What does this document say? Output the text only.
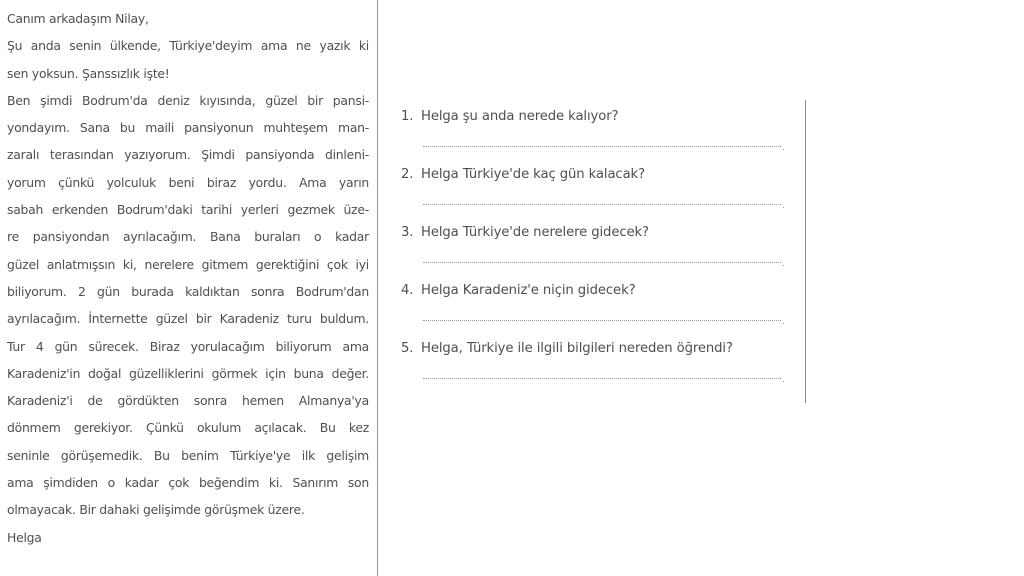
Canım arkadaşım Nilay,
Şu anda senin ülkende, Türkiye'deyim ama ne yazık ki
sen yoksun. Şanssızlık işte!
Ben şimdi Bodrum'da deniz kıyısında, güzel bir pansi-
yondayım. Sana bu maili pansiyonun muhteşem man-
zaralı terasından yazıyorum. Şimdi pansiyonda dinleni-
yorum çünkü yolculuk beni biraz yordu. Ama yarın
sabah erkenden Bodrum'daki tarihi yerleri gezmek üze-
re pansiyondan ayrılacağım. Bana buraları o kadar
güzel anlatmışsın ki, nerelere gitmem gerektiğini çok iyi
biliyorum. 2 gün burada kaldıktan sonra Bodrum'dan
ayrılacağım. İnternette güzel bir Karadeniz turu buldum.
Tur 4 gün sürecek. Biraz yorulacağım biliyorum ama
Karadeniz'in doğal güzelliklerini görmek için buna değer.
Karadeniz'i de gördükten sonra hemen Almanya'ya
dönmem gerekiyor. Çünkü okulum açılacak. Bu kez
seninle görüşemedik. Bu benim Türkiye'ye ilk gelişim
ama şimdiden o kadar çok beğendim ki. Sanırım son
olmayacak. Bir dahaki gelişimde görüşmek üzere.
Helga
1. Helga şu anda nerede kalıyor?
.
2. Helga Türkiye'de kaç gün kalacak?
.
3. Helga Türkiye'de nerelere gidecek?
.
4. Helga Karadeniz'e niçin gidecek?
.
5. Helga, Türkiye ile ilgili bilgileri nereden öğrendi?
.
